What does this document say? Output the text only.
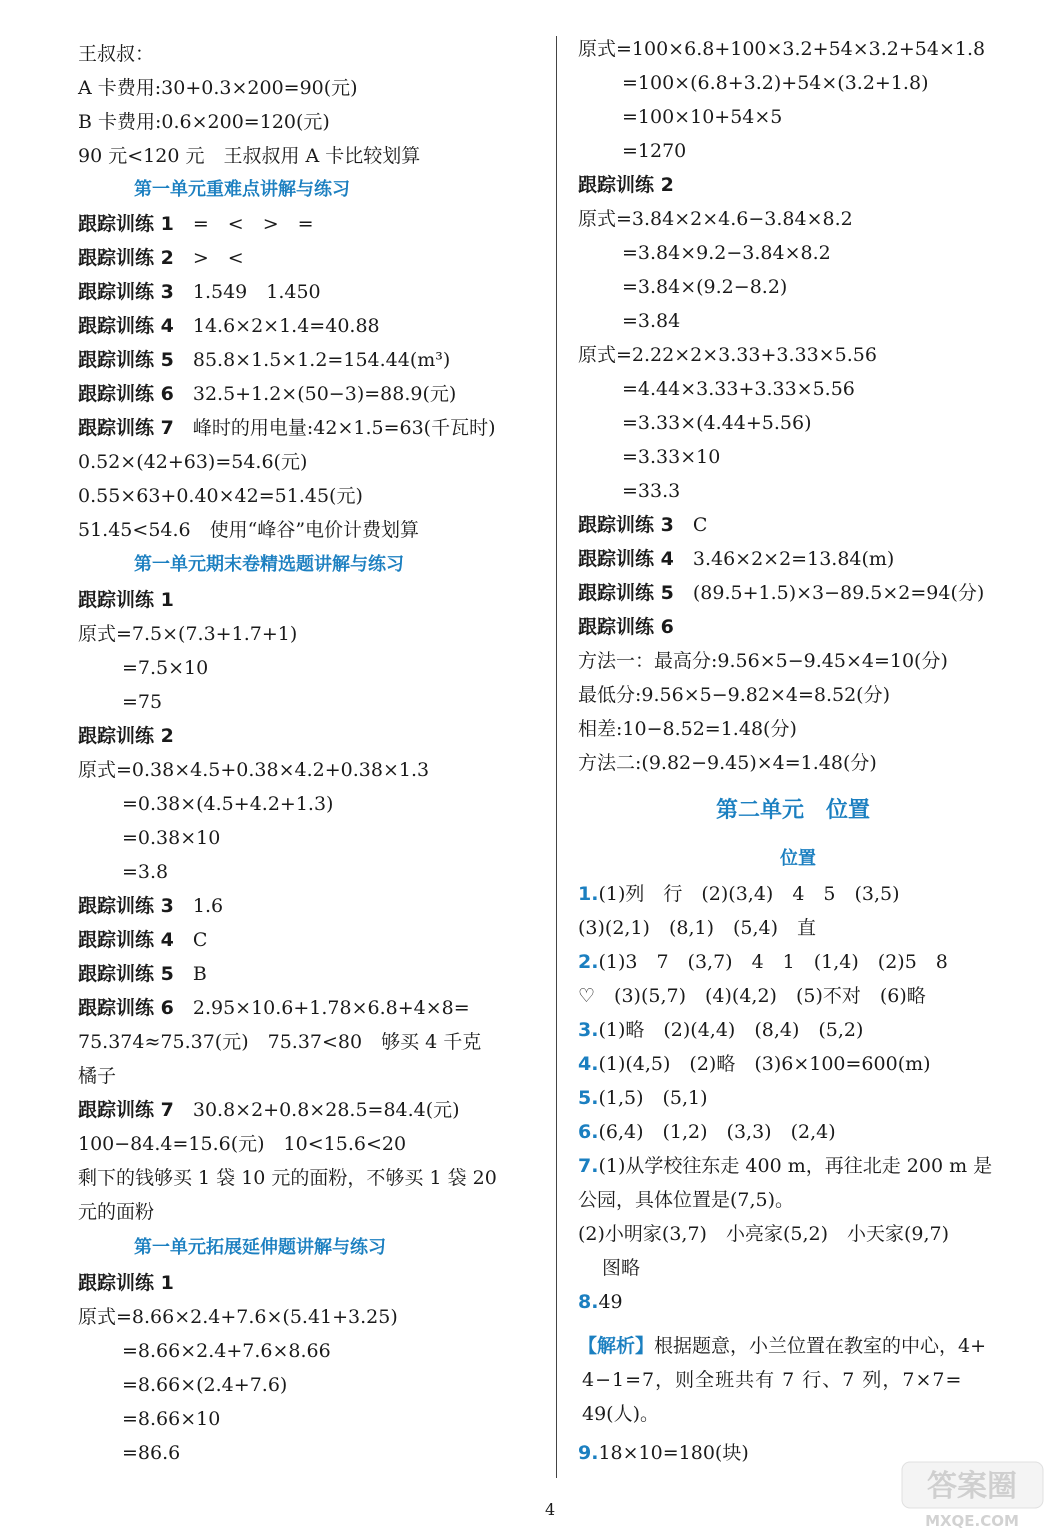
王叔叔：
A 卡费用:30+0.3×200=90(元)
B 卡费用:0.6×200=120(元)
90 元<120 元　王叔叔用 A 卡比较划算
第一单元重难点讲解与练习
跟踪训练 1　 =　<　>　=
跟踪训练 2　 >　<
跟踪训练 3　 1.549　1.450
跟踪训练 4　 14.6×2×1.4=40.88
跟踪训练 5　 85.8×1.5×1.2=154.44(m³)
跟踪训练 6　 32.5+1.2×(50−3)=88.9(元)
跟踪训练 7　 峰时的用电量:42×1.5=63(千瓦时)
0.52×(42+63)=54.6(元)
0.55×63+0.40×42=51.45(元)
51.45<54.6　使用“峰谷”电价计费划算
第一单元期末卷精选题讲解与练习
跟踪训练 1
原式=7.5×(7.3+1.7+1)
=7.5×10
=75
跟踪训练 2
原式=0.38×4.5+0.38×4.2+0.38×1.3
=0.38×(4.5+4.2+1.3)
=0.38×10
=3.8
跟踪训练 3　 1.6
跟踪训练 4　 C
跟踪训练 5　 B
跟踪训练 6　 2.95×10.6+1.78×6.8+4×8=
75.374≈75.37(元)　75.37<80　够买 4 千克
橘子
跟踪训练 7　 30.8×2+0.8×28.5=84.4(元)
100−84.4=15.6(元)　10<15.6<20
剩下的钱够买 1 袋 10 元的面粉，不够买 1 袋 20
元的面粉
第一单元拓展延伸题讲解与练习
跟踪训练 1
原式=8.66×2.4+7.6×(5.41+3.25)
=8.66×2.4+7.6×8.66
=8.66×(2.4+7.6)
=8.66×10
=86.6
原式=100×6.8+100×3.2+54×3.2+54×1.8
=100×(6.8+3.2)+54×(3.2+1.8)
=100×10+54×5
=1270
跟踪训练 2
原式=3.84×2×4.6−3.84×8.2
=3.84×9.2−3.84×8.2
=3.84×(9.2−8.2)
=3.84
原式=2.22×2×3.33+3.33×5.56
=4.44×3.33+3.33×5.56
=3.33×(4.44+5.56)
=3.33×10
=33.3
跟踪训练 3　 C
跟踪训练 4　 3.46×2×2=13.84(m)
跟踪训练 5　 (89.5+1.5)×3−89.5×2=94(分)
跟踪训练 6
方法一：最高分:9.56×5−9.45×4=10(分)
最低分:9.56×5−9.82×4=8.52(分)
相差:10−8.52=1.48(分)
方法二:(9.82−9.45)×4=1.48(分)
第二单元　位置
位置
1.(1)列　行　(2)(3,4)　4　5　(3,5)
(3)(2,1)　(8,1)　(5,4)　直
2.(1)3　7　(3,7)　4　1　(1,4)　(2)5　8
♡　(3)(5,7)　(4)(4,2)　(5)不对　(6)略
3.(1)略　(2)(4,4)　(8,4)　(5,2)
4.(1)(4,5)　(2)略　(3)6×100=600(m)
5.(1,5)　(5,1)
6.(6,4)　(1,2)　(3,3)　(2,4)
7.(1)从学校往东走 400 m，再往北走 200 m 是
公园，具体位置是(7,5)。
(2)小明家(3,7)　小亮家(5,2)　小天家(9,7)
图略
8.49
【解析】根据题意，小兰位置在教室的中心，4+
4−1=7，则全班共有 7 行、7 列，7×7=
49(人)。
9.18×10=180(块)
4
答案圈
MXQE.COM
